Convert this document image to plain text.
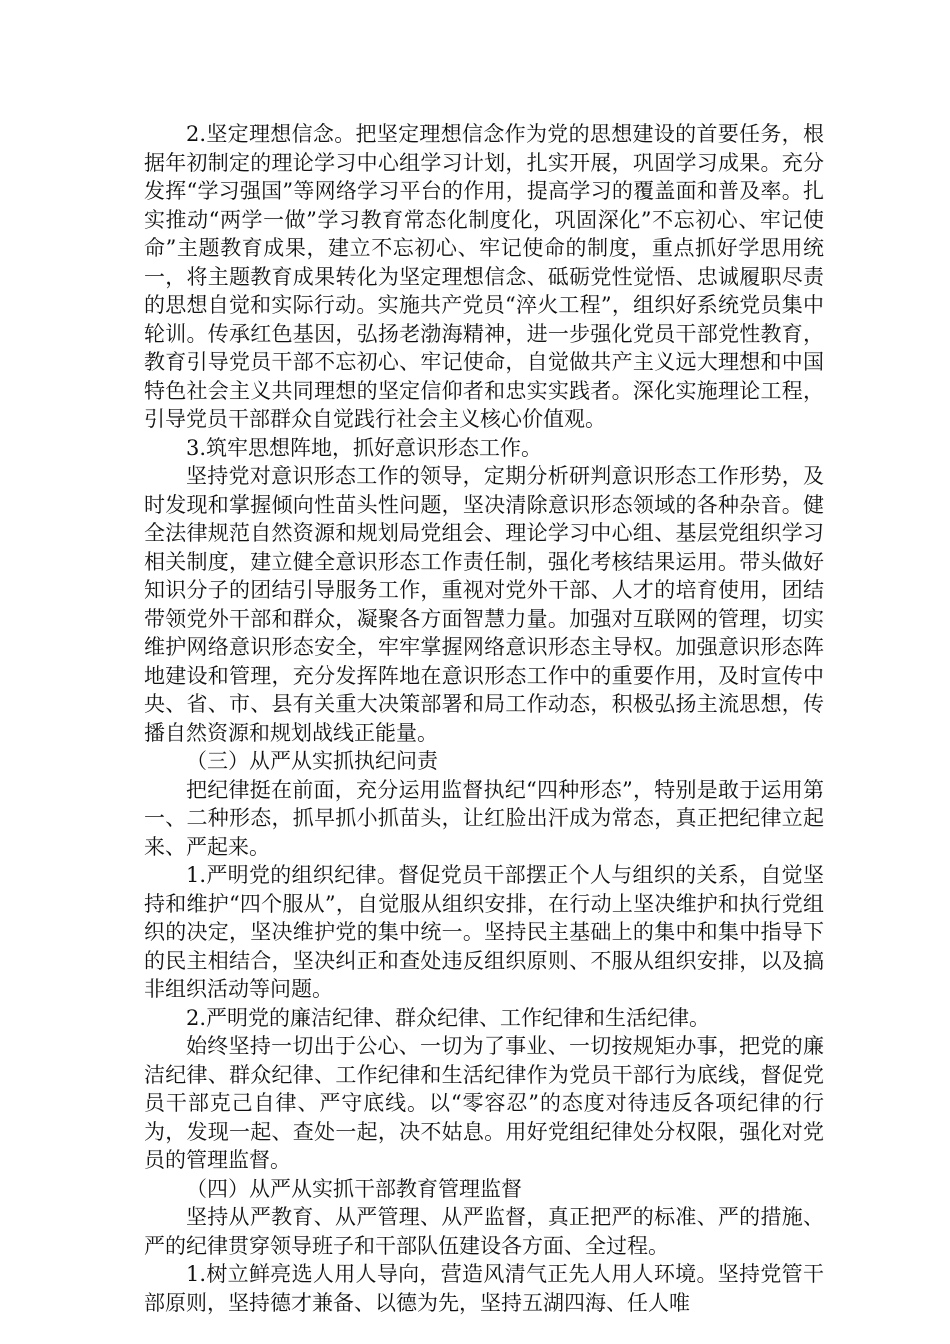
2.坚定理想信念。把坚定理想信念作为党的思想建设的首要任务，根据年初制定的理论学习中心组学习计划，扎实开展，巩固学习成果。充分发挥“学习强国”等网络学习平台的作用，提高学习的覆盖面和普及率。扎实推动“两学一做”学习教育常态化制度化，巩固深化”不忘初心、牢记使命”主题教育成果，建立不忘初心、牢记使命的制度，重点抓好学思用统一，将主题教育成果转化为坚定理想信念、砥砺党性觉悟、忠诚履职尽责的思想自觉和实际行动。实施共产党员“淬火工程”，组织好系统党员集中轮训。传承红色基因，弘扬老渤海精神，进一步强化党员干部党性教育，教育引导党员干部不忘初心、牢记使命，自觉做共产主义远大理想和中国特色社会主义共同理想的坚定信仰者和忠实实践者。深化实施理论工程，引导党员干部群众自觉践行社会主义核心价值观。

3.筑牢思想阵地，抓好意识形态工作。

坚持党对意识形态工作的领导，定期分析研判意识形态工作形势，及时发现和掌握倾向性苗头性问题，坚决清除意识形态领域的各种杂音。健全法律规范自然资源和规划局党组会、理论学习中心组、基层党组织学习相关制度，建立健全意识形态工作责任制，强化考核结果运用。带头做好知识分子的团结引导服务工作，重视对党外干部、人才的培育使用，团结带领党外干部和群众，凝聚各方面智慧力量。加强对互联网的管理，切实维护网络意识形态安全，牢牢掌握网络意识形态主导权。加强意识形态阵地建设和管理，充分发挥阵地在意识形态工作中的重要作用，及时宣传中央、省、市、县有关重大决策部署和局工作动态，积极弘扬主流思想，传播自然资源和规划战线正能量。

（三）从严从实抓执纪问责

把纪律挺在前面，充分运用监督执纪“四种形态”，特别是敢于运用第一、二种形态，抓早抓小抓苗头，让红脸出汗成为常态，真正把纪律立起来、严起来。

1.严明党的组织纪律。督促党员干部摆正个人与组织的关系，自觉坚持和维护“四个服从”，自觉服从组织安排，在行动上坚决维护和执行党组织的决定，坚决维护党的集中统一。坚持民主基础上的集中和集中指导下的民主相结合，坚决纠正和查处违反组织原则、不服从组织安排，以及搞非组织活动等问题。

2.严明党的廉洁纪律、群众纪律、工作纪律和生活纪律。

始终坚持一切出于公心、一切为了事业、一切按规矩办事，把党的廉洁纪律、群众纪律、工作纪律和生活纪律作为党员干部行为底线，督促党员干部克己自律、严守底线。以“零容忍”的态度对待违反各项纪律的行为，发现一起、查处一起，决不姑息。用好党组纪律处分权限，强化对党员的管理监督。

（四）从严从实抓干部教育管理监督

坚持从严教育、从严管理、从严监督，真正把严的标准、严的措施、严的纪律贯穿领导班子和干部队伍建设各方面、全过程。

1.树立鲜亮选人用人导向，营造风清气正先人用人环境。坚持党管干部原则，坚持德才兼备、以德为先，坚持五湖四海、任人唯
